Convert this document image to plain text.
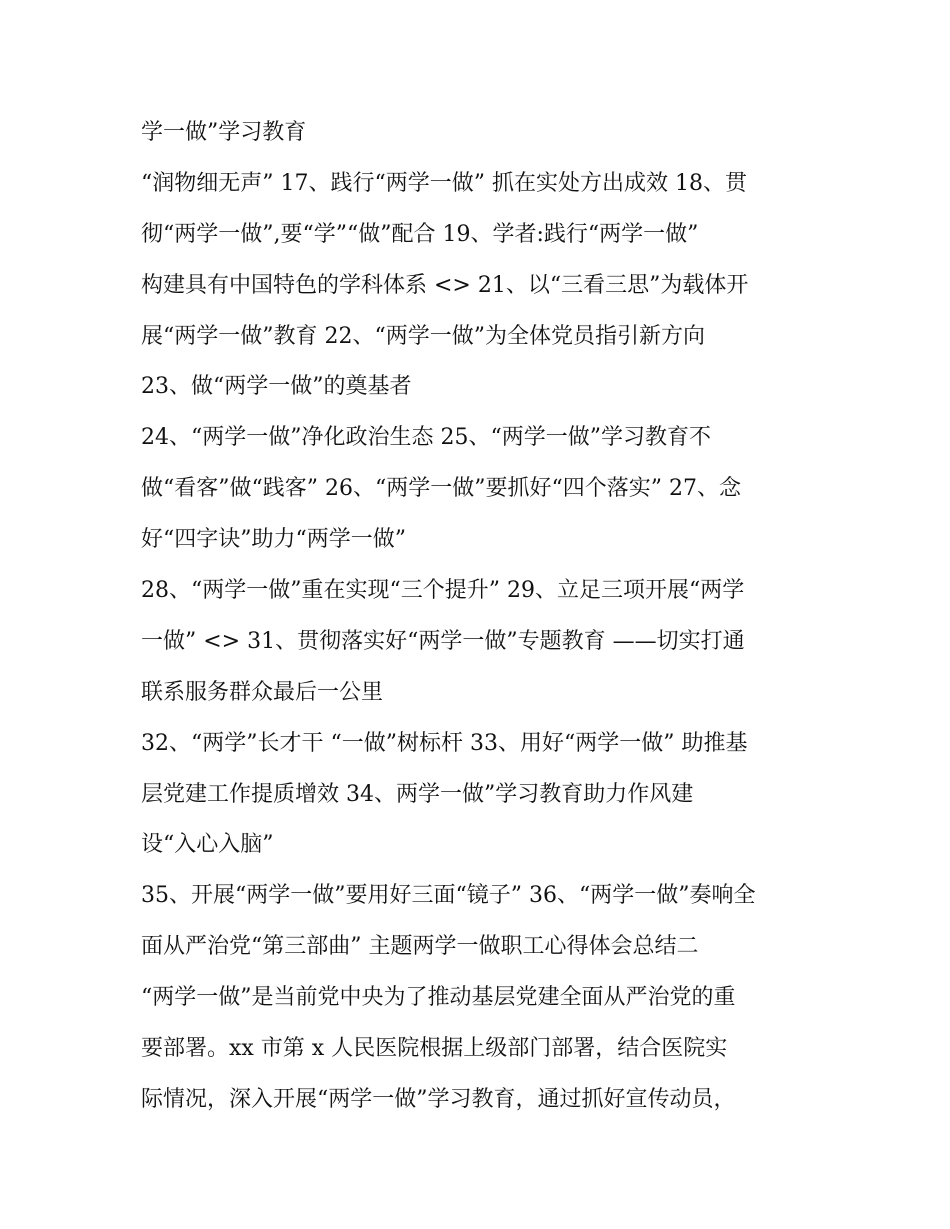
学一做”学习教育
“润物细无声” 17、践行“两学一做” 抓在实处方出成效 18、贯
彻“两学一做”,要“学”“做”配合 19、学者:践行“两学一做”
构建具有中国特色的学科体系 <> 21、以“三看三思”为载体开
展“两学一做”教育 22、“两学一做”为全体党员指引新方向
23、做“两学一做”的奠基者
24、“两学一做”净化政治生态 25、“两学一做”学习教育不
做“看客”做“践客” 26、“两学一做”要抓好“四个落实” 27、念
好“四字诀”助力“两学一做”
28、“两学一做”重在实现“三个提升” 29、立足三项开展“两学
一做” <> 31、贯彻落实好“两学一做”专题教育 ——切实打通
联系服务群众最后一公里
32、“两学”长才干 “一做”树标杆 33、用好“两学一做” 助推基
层党建工作提质增效 34、两学一做”学习教育助力作风建
设“入心入脑”
35、开展“两学一做”要用好三面“镜子” 36、“两学一做”奏响全
面从严治党“第三部曲” 主题两学一做职工心得体会总结二
“两学一做”是当前党中央为了推动基层党建全面从严治党的重
要部署。xx 市第 x 人民医院根据上级部门部署，结合医院实
际情况，深入开展“两学一做”学习教育，通过抓好宣传动员，
